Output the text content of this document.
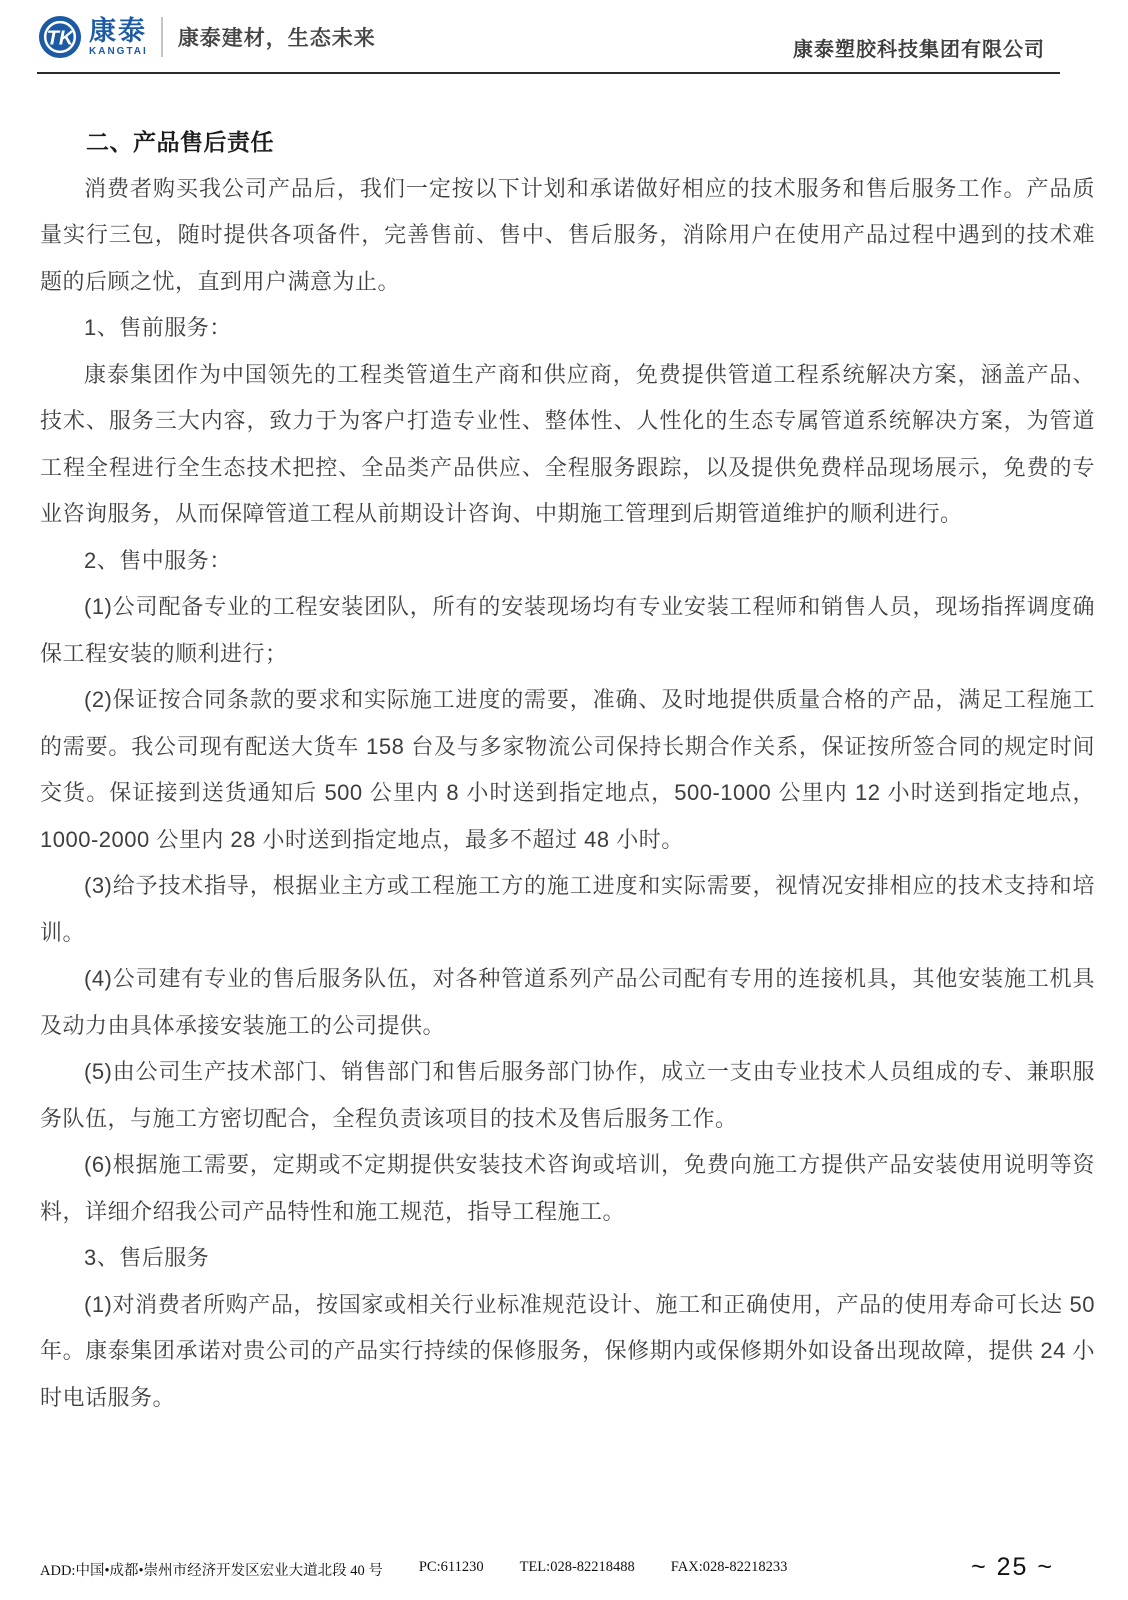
TK 康泰
KANGTAI
康泰建材，生态未来	康泰塑胶科技集团有限公司

二、产品售后责任

消费者购买我公司产品后，我们一定按以下计划和承诺做好相应的技术服务和售后服务工作。产品质量实行三包，随时提供各项备件，完善售前、售中、售后服务，消除用户在使用产品过程中遇到的技术难题的后顾之忧，直到用户满意为止。

1、售前服务：

康泰集团作为中国领先的工程类管道生产商和供应商，免费提供管道工程系统解决方案，涵盖产品、技术、服务三大内容，致力于为客户打造专业性、整体性、人性化的生态专属管道系统解决方案，为管道工程全程进行全生态技术把控、全品类产品供应、全程服务跟踪，以及提供免费样品现场展示，免费的专业咨询服务，从而保障管道工程从前期设计咨询、中期施工管理到后期管道维护的顺利进行。

2、售中服务：

(1)公司配备专业的工程安装团队，所有的安装现场均有专业安装工程师和销售人员，现场指挥调度确保工程安装的顺利进行；

(2)保证按合同条款的要求和实际施工进度的需要，准确、及时地提供质量合格的产品，满足工程施工的需要。我公司现有配送大货车 158 台及与多家物流公司保持长期合作关系，保证按所签合同的规定时间交货。保证接到送货通知后 500 公里内 8 小时送到指定地点，500-1000 公里内 12 小时送到指定地点，1000-2000 公里内 28 小时送到指定地点，最多不超过 48 小时。

(3)给予技术指导，根据业主方或工程施工方的施工进度和实际需要，视情况安排相应的技术支持和培训。

(4)公司建有专业的售后服务队伍，对各种管道系列产品公司配有专用的连接机具，其他安装施工机具及动力由具体承接安装施工的公司提供。

(5)由公司生产技术部门、销售部门和售后服务部门协作，成立一支由专业技术人员组成的专、兼职服务队伍，与施工方密切配合，全程负责该项目的技术及售后服务工作。

(6)根据施工需要，定期或不定期提供安装技术咨询或培训，免费向施工方提供产品安装使用说明等资料，详细介绍我公司产品特性和施工规范，指导工程施工。

3、售后服务

(1)对消费者所购产品，按国家或相关行业标准规范设计、施工和正确使用，产品的使用寿命可长达 50 年。康泰集团承诺对贵公司的产品实行持续的保修服务，保修期内或保修期外如设备出现故障，提供 24 小时电话服务。

ADD:中国•成都•崇州市经济开发区宏业大道北段 40 号 PC:611230 TEL:028-82218488 FAX:028-82218233	~ 25 ~
